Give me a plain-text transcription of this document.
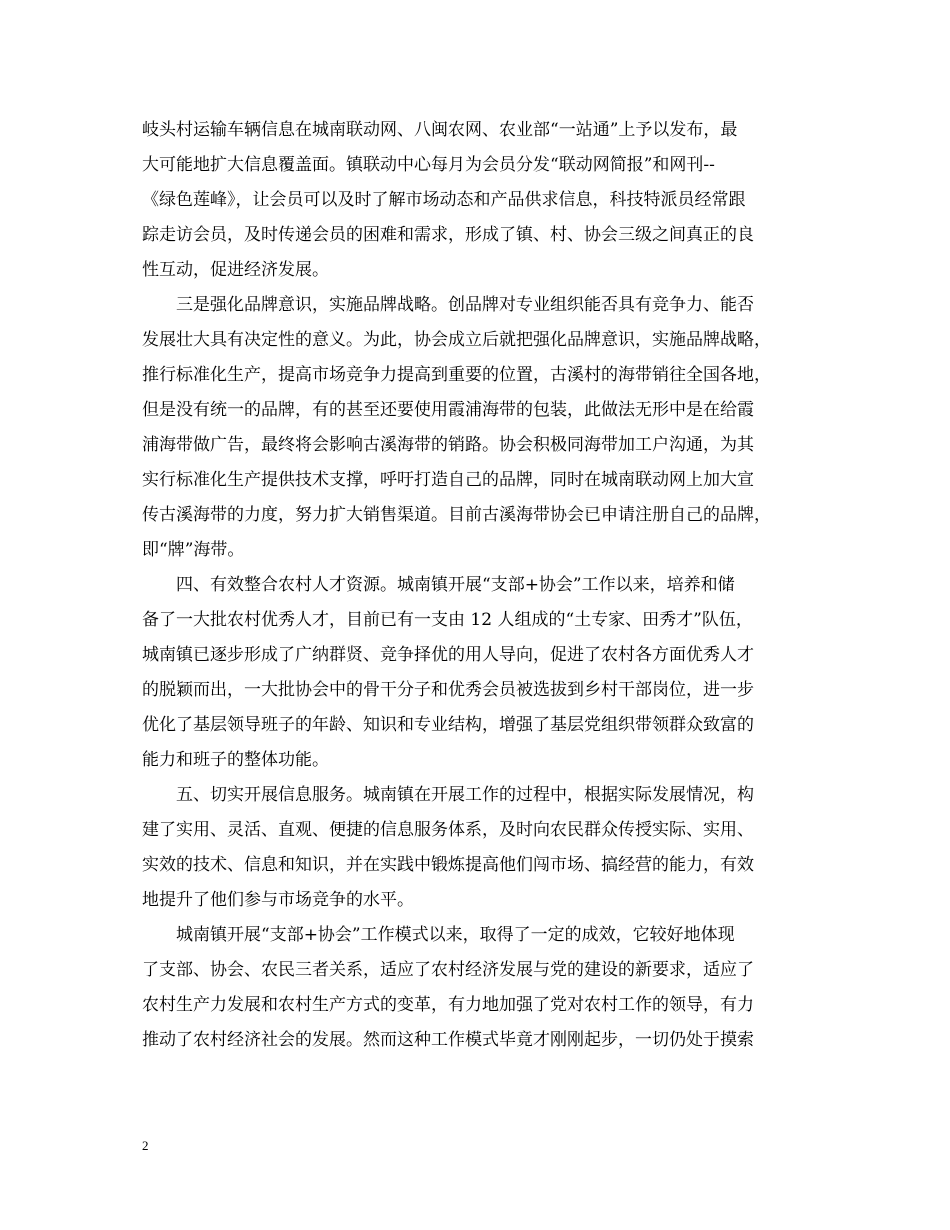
岐头村运输车辆信息在城南联动网、八闽农网、农业部“一站通”上予以发布，最
大可能地扩大信息覆盖面。镇联动中心每月为会员分发“联动网简报”和网刊--
《绿色莲峰》，让会员可以及时了解市场动态和产品供求信息，科技特派员经常跟
踪走访会员，及时传递会员的困难和需求，形成了镇、村、协会三级之间真正的良
性互动，促进经济发展。
三是强化品牌意识，实施品牌战略。创品牌对专业组织能否具有竞争力、能否
发展壮大具有决定性的意义。为此，协会成立后就把强化品牌意识，实施品牌战略，
推行标准化生产，提高市场竞争力提高到重要的位置，古溪村的海带销往全国各地，
但是没有统一的品牌，有的甚至还要使用霞浦海带的包装，此做法无形中是在给霞
浦海带做广告，最终将会影响古溪海带的销路。协会积极同海带加工户沟通，为其
实行标准化生产提供技术支撑，呼吁打造自己的品牌，同时在城南联动网上加大宣
传古溪海带的力度，努力扩大销售渠道。目前古溪海带协会已申请注册自己的品牌，
即“牌”海带。
四、有效整合农村人才资源。城南镇开展“支部+协会”工作以来，培养和储
备了一大批农村优秀人才，目前已有一支由 12 人组成的“土专家、田秀才”队伍，
城南镇已逐步形成了广纳群贤、竞争择优的用人导向，促进了农村各方面优秀人才
的脱颖而出，一大批协会中的骨干分子和优秀会员被选拔到乡村干部岗位，进一步
优化了基层领导班子的年龄、知识和专业结构，增强了基层党组织带领群众致富的
能力和班子的整体功能。
五、切实开展信息服务。城南镇在开展工作的过程中，根据实际发展情况，构
建了实用、灵活、直观、便捷的信息服务体系，及时向农民群众传授实际、实用、
实效的技术、信息和知识，并在实践中锻炼提高他们闯市场、搞经营的能力，有效
地提升了他们参与市场竞争的水平。
城南镇开展“支部+协会”工作模式以来，取得了一定的成效，它较好地体现
了支部、协会、农民三者关系，适应了农村经济发展与党的建设的新要求，适应了
农村生产力发展和农村生产方式的变革，有力地加强了党对农村工作的领导，有力
推动了农村经济社会的发展。然而这种工作模式毕竟才刚刚起步，一切仍处于摸索
2
